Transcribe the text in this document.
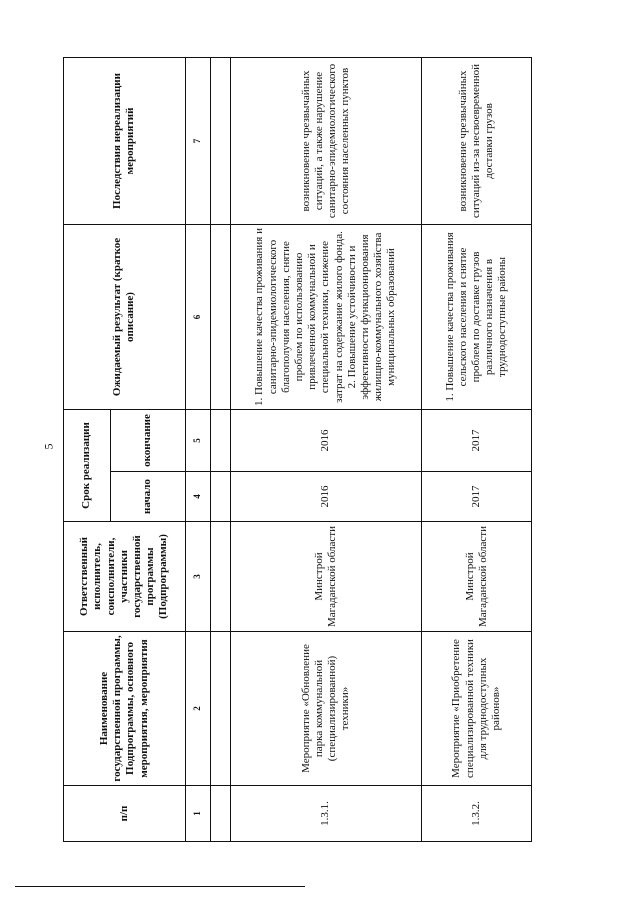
5
п/п	Наименование государственной программы, Подпрограммы, основного мероприятия, мероприятия	Ответственный исполнитель, соисполнители, участники государственной программы (Подпрограммы)	Срок реализации		Ожидаемый результат (краткое описание)	Последствия нереализации мероприятий
			начало	окончание		
1	2	3	4	5	6	7

1.3.1.	Мероприятие «Обновление парка коммунальной (специализированной) техники»	Минстрой Магаданской области	2016	2016	1. Повышение качества проживания и санитарно-эпидемиологического благополучия населения, снятие проблем по использованию привлеченной коммунальной и специальной техники, снижение затрат на содержание жилого фонда. 2. Повышение устойчивости и эффективности функционирования жилищно-коммунального хозяйства муниципальных образований	возникновение чрезвычайных ситуаций, а также нарушение санитарно-эпидемиологического состояния населенных пунктов
1.3.2.	Мероприятие «Приобретение специализированной техники для труднодоступных районов»	Минстрой Магаданской области	2017	2017	1. Повышение качества проживания сельского населения и снятие проблем по доставке грузов различного назначения в труднодоступные районы	возникновение чрезвычайных ситуаций из-за несвоевременной доставки грузов
